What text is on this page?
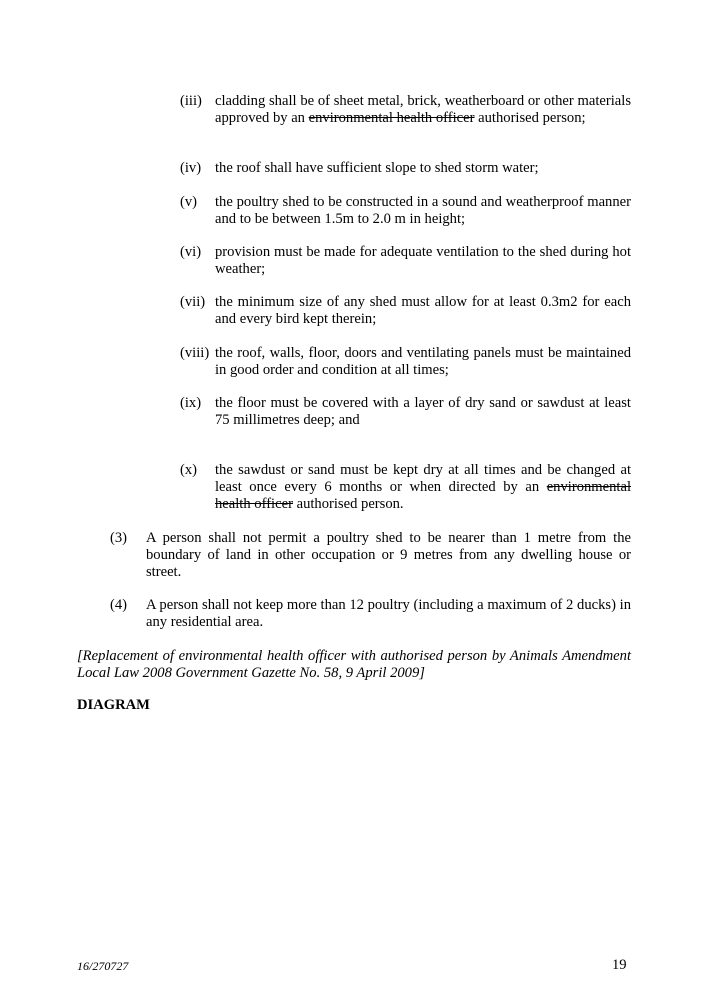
(iii) cladding shall be of sheet metal, brick, weatherboard or other materials approved by an environmental health officer authorised person;
(iv) the roof shall have sufficient slope to shed storm water;
(v) the poultry shed to be constructed in a sound and weatherproof manner and to be between 1.5m to 2.0 m in height;
(vi) provision must be made for adequate ventilation to the shed during hot weather;
(vii) the minimum size of any shed must allow for at least 0.3m2 for each and every bird kept therein;
(viii) the roof, walls, floor, doors and ventilating panels must be maintained in good order and condition at all times;
(ix) the floor must be covered with a layer of dry sand or sawdust at least 75 millimetres deep; and
(x) the sawdust or sand must be kept dry at all times and be changed at least once every 6 months or when directed by an environmental health officer authorised person.
(3) A person shall not permit a poultry shed to be nearer than 1 metre from the boundary of land in other occupation or 9 metres from any dwelling house or street.
(4) A person shall not keep more than 12 poultry (including a maximum of 2 ducks) in any residential area.
[Replacement of environmental health officer with authorised person by Animals Amendment Local Law 2008 Government Gazette No. 58, 9 April 2009]
DIAGRAM
16/270727	19
